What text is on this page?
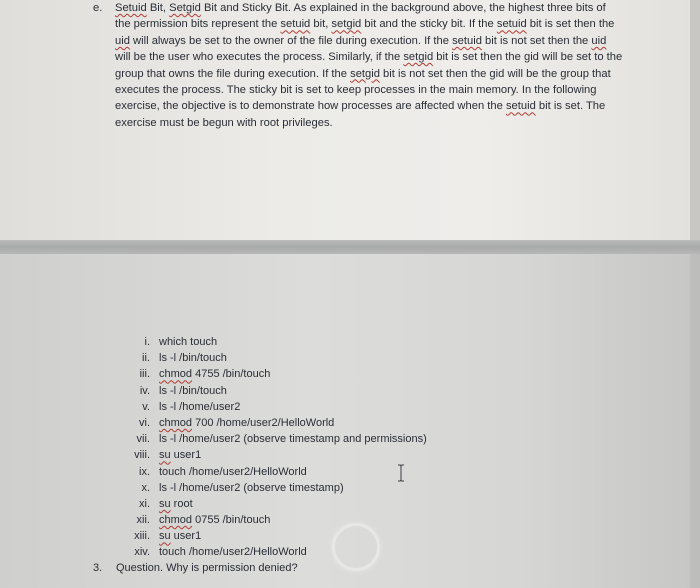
e. Setuid Bit, Setgid Bit and Sticky Bit. As explained in the background above, the highest three bits of the permission bits represent the setuid bit, setgid bit and the sticky bit. If the setuid bit is set then the uid will always be set to the owner of the file during execution. If the setuid bit is not set then the uid will be the user who executes the process. Similarly, if the setgid bit is set then the gid will be set to the group that owns the file during execution. If the setgid bit is not set then the gid will be the group that executes the process. The sticky bit is set to keep processes in the main memory. In the following exercise, the objective is to demonstrate how processes are affected when the setuid bit is set. The exercise must be begun with root privileges.
i. which touch
ii. ls -l /bin/touch
iii. chmod 4755 /bin/touch
iv. ls -l /bin/touch
v. ls -l /home/user2
vi. chmod 700 /home/user2/HelloWorld
vii. ls -l /home/user2 (observe timestamp and permissions)
viii. su user1
ix. touch /home/user2/HelloWorld
x. ls -l /home/user2 (observe timestamp)
xi. su root
xii. chmod 0755 /bin/touch
xiii. su user1
xiv. touch /home/user2/HelloWorld
3. Question. Why is permission denied?
